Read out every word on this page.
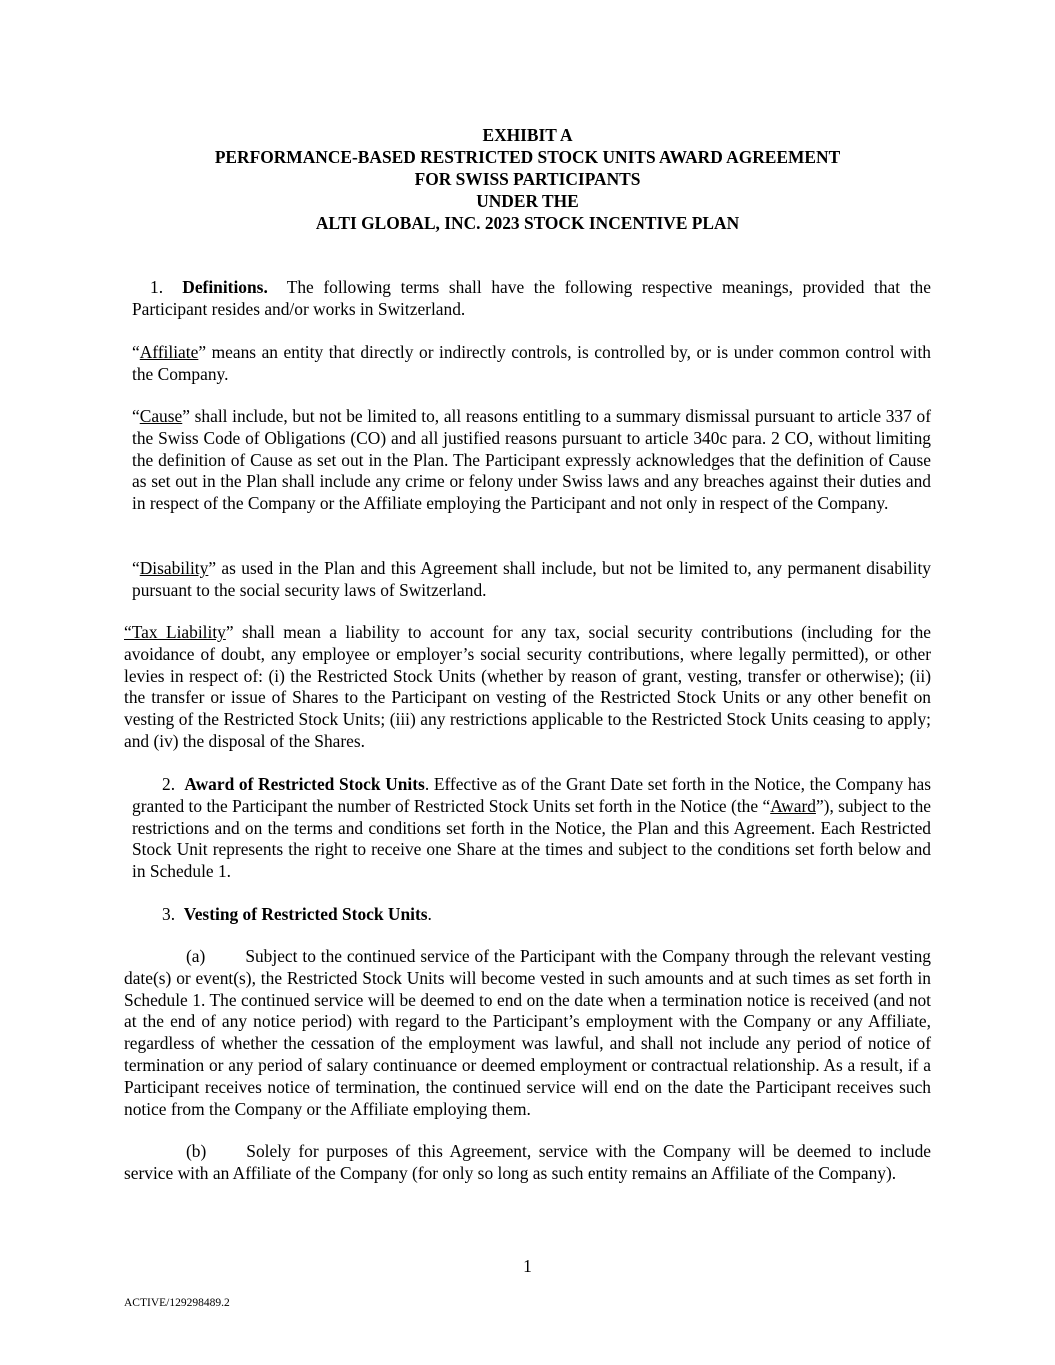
EXHIBIT A
PERFORMANCE-BASED RESTRICTED STOCK UNITS AWARD AGREEMENT
FOR SWISS PARTICIPANTS
UNDER THE
ALTI GLOBAL, INC. 2023 STOCK INCENTIVE PLAN

1. Definitions. The following terms shall have the following respective meanings, provided that the Participant resides and/or works in Switzerland.

“Affiliate” means an entity that directly or indirectly controls, is controlled by, or is under common control with the Company.

“Cause” shall include, but not be limited to, all reasons entitling to a summary dismissal pursuant to article 337 of the Swiss Code of Obligations (CO) and all justified reasons pursuant to article 340c para. 2 CO, without limiting the definition of Cause as set out in the Plan. The Participant expressly acknowledges that the definition of Cause as set out in the Plan shall include any crime or felony under Swiss laws and any breaches against their duties and in respect of the Company or the Affiliate employing the Participant and not only in respect of the Company.

“Disability” as used in the Plan and this Agreement shall include, but not be limited to, any permanent disability pursuant to the social security laws of Switzerland.

“Tax Liability” shall mean a liability to account for any tax, social security contributions (including for the avoidance of doubt, any employee or employer’s social security contributions, where legally permitted), or other levies in respect of: (i) the Restricted Stock Units (whether by reason of grant, vesting, transfer or otherwise); (ii) the transfer or issue of Shares to the Participant on vesting of the Restricted Stock Units or any other benefit on vesting of the Restricted Stock Units; (iii) any restrictions applicable to the Restricted Stock Units ceasing to apply; and (iv) the disposal of the Shares.

2. Award of Restricted Stock Units. Effective as of the Grant Date set forth in the Notice, the Company has granted to the Participant the number of Restricted Stock Units set forth in the Notice (the “Award”), subject to the restrictions and on the terms and conditions set forth in the Notice, the Plan and this Agreement. Each Restricted Stock Unit represents the right to receive one Share at the times and subject to the conditions set forth below and in Schedule 1.

3. Vesting of Restricted Stock Units.

(a) Subject to the continued service of the Participant with the Company through the relevant vesting date(s) or event(s), the Restricted Stock Units will become vested in such amounts and at such times as set forth in Schedule 1. The continued service will be deemed to end on the date when a termination notice is received (and not at the end of any notice period) with regard to the Participant’s employment with the Company or any Affiliate, regardless of whether the cessation of the employment was lawful, and shall not include any period of notice of termination or any period of salary continuance or deemed employment or contractual relationship. As a result, if a Participant receives notice of termination, the continued service will end on the date the Participant receives such notice from the Company or the Affiliate employing them.

(b) Solely for purposes of this Agreement, service with the Company will be deemed to include service with an Affiliate of the Company (for only so long as such entity remains an Affiliate of the Company).

1
ACTIVE/129298489.2
